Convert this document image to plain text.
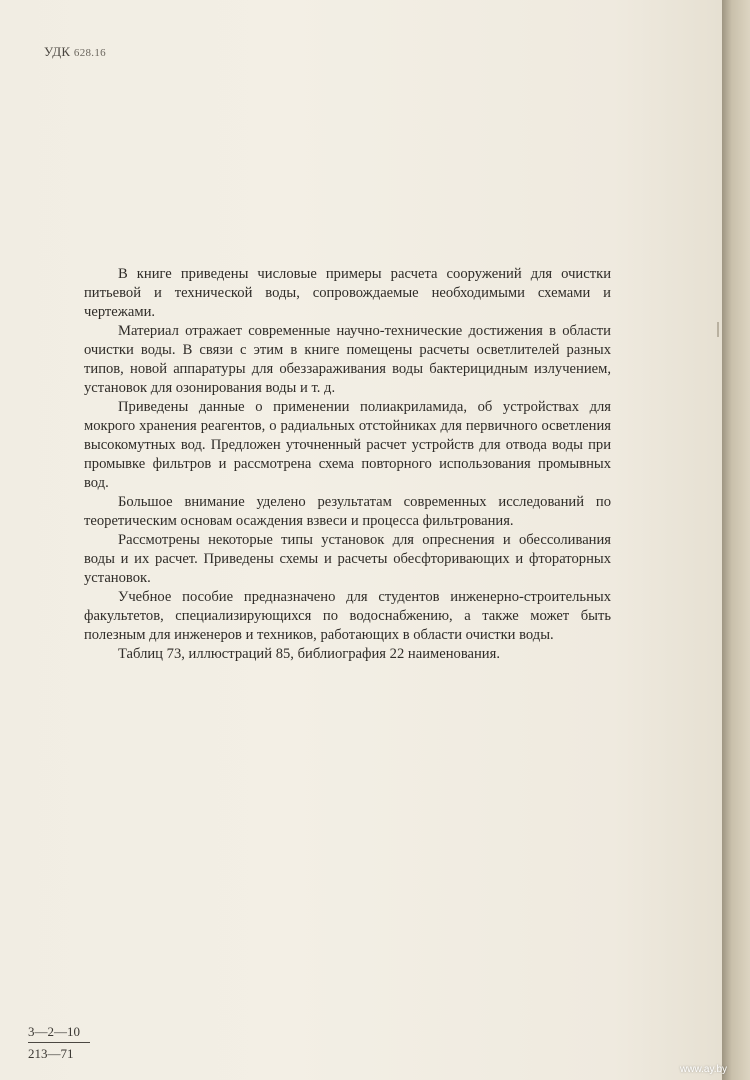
УДК 628.16

В книге приведены числовые примеры расчета сооружений для очистки питьевой и технической воды, сопровождаемые необходимыми схемами и чертежами.

Материал отражает современные научно-технические достижения в области очистки воды. В связи с этим в книге помещены расчеты осветлителей разных типов, новой аппаратуры для обеззараживания воды бактерицидным излучением, установок для озонирования воды и т. д.

Приведены данные о применении полиакриламида, об устройствах для мокрого хранения реагентов, о радиальных отстойниках для первичного осветления высокомутных вод. Предложен уточненный расчет устройств для отвода воды при промывке фильтров и рассмотрена схема повторного использования промывных вод.

Большое внимание уделено результатам современных исследований по теоретическим основам осаждения взвеси и процесса фильтрования.

Рассмотрены некоторые типы установок для опреснения и обессоливания воды и их расчет. Приведены схемы и расчеты обесфторивающих и фтораторных установок.

Учебное пособие предназначено для студентов инженерно-строительных факультетов, специализирующихся по водоснабжению, а также может быть полезным для инженеров и техников, работающих в области очистки воды.

Таблиц 73, иллюстраций 85, библиография 22 наименования.

$\frac{3—2—10}{213—71}$
www.ay.by
